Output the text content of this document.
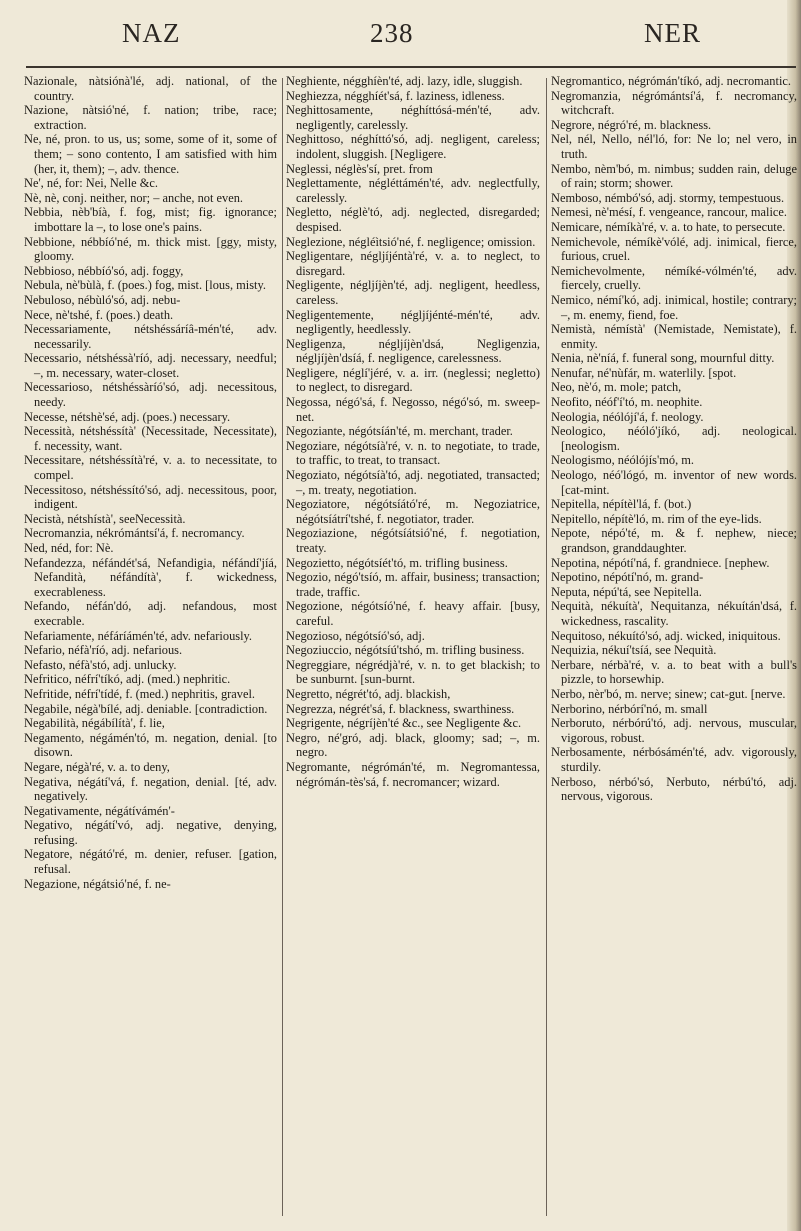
NAZ	238	NER

Nazionale, nàtsiónà'lé, adj. national, of the country.

Nazione, nàtsió'né, f. nation; tribe, race; extraction.

Ne, né, pron. to us, us; some, some of it, some of them; – sono contento, I am satisfied with him (her, it, them); –, adv. thence.

Ne', né, for: Nei, Nelle &c.

Nè, nè, conj. neither, nor; – anche, not even.

Nebbia, nèb'bíà, f. fog, mist; fig. ignorance; imbottare la –, to lose one's pains.

Nebbione, nébbíó'né, m. thick mist. [ggy, misty, gloomy.

Nebbioso, nébbíó'só, adj. foggy,

Nebula, nè'bùlà, f. (poes.) fog, mist. [lous, misty.

Nebuloso, nébùló'só, adj. nebu-

Nece, nè'tshé, f. (poes.) death.

Necessariamente, nétshéssáríâ-mén'té, adv. necessarily.

Necessario, nétshéssà'ríó, adj. necessary, needful; –, m. necessary, water-closet.

Necessarioso, nétshéssàríó'só, adj. necessitous, needy.

Necesse, nétshè'sé, adj. (poes.) necessary.

Necessità, nétshéssítà' (Necessitade, Necessitate), f. necessity, want.

Necessitare, nétshéssítà'ré, v. a. to necessitate, to compel.

Necessitoso, nétshéssító'só, adj. necessitous, poor, indigent.

Necistà, nétshístà', seeNecessità.

Necromanzia, nékrómántsí'á, f. necromancy.

Ned, néd, for: Nè.

Nefandezza, néfándét'sá, Nefandigia, néfándí'jíá, Nefandità, néfándítà', f. wickedness, execrableness.

Nefando, néfán'dó, adj. nefandous, most execrable.

Nefariamente, néfáríámén'té, adv. nefariously.

Nefario, néfà'ríó, adj. nefarious.

Nefasto, néfà'stó, adj. unlucky.

Nefritico, néfrí'tíkó, adj. (med.) nephritic.

Nefritide, néfrí'tídé, f. (med.) nephritis, gravel.

Negabile, négà'bílé, adj. deniable. [contradiction.

Negabilità, négábílítà', f. lie,

Negamento, négámén'tó, m. negation, denial. [to disown.

Negare, négà'ré, v. a. to deny,

Negativa, négátí'vá, f. negation, denial. [té, adv. negatively.

Negativamente, négátívámén'-

Negativo, négátí'vó, adj. negative, denying, refusing.

Negatore, négátó'ré, m. denier, refuser. [gation, refusal.

Negazione, négátsió'né, f. ne-

Neghiente, négghíèn'té, adj. lazy, idle, sluggish.

Neghiezza, négghíét'sá, f. laziness, idleness.

Neghittosamente, néghíttósá-mén'té, adv. negligently, carelessly.

Neghittoso, néghíttó'só, adj. negligent, careless; indolent, sluggish. [Negligere.

Neglessi, néglès'sí, pret. from

Neglettamente, négléttámén'té, adv. neglectfully, carelessly.

Negletto, néglè'tó, adj. neglected, disregarded; despised.

Neglezione, négléìtsió'né, f. negligence; omission.

Negligentare, négljíjéntà'ré, v. a. to neglect, to disregard.

Negligente, négljíjèn'té, adj. negligent, heedless, careless.

Negligentemente, négljíjénté-mén'té, adv. negligently, heedlessly.

Negligenza, négljíjèn'dsá, Negligenzia, négljíjèn'dsíá, f. negligence, carelessness.

Negligere, néglí'jéré, v. a. irr. (neglessi; negletto) to neglect, to disregard.

Negossa, négó'sá, f. Negosso, négó'só, m. sweep-net.

Negoziante, négótsíán'té, m. merchant, trader.

Negoziare, négótsíà'ré, v. n. to negotiate, to trade, to traffic, to treat, to transact.

Negoziato, négótsíà'tó, adj. negotiated, transacted; –, m. treaty, negotiation.

Negoziatore, négótsíátó'ré, m. Negoziatrice, négótsíátrí'tshé, f. negotiator, trader.

Negoziazione, négótsíátsió'né, f. negotiation, treaty.

Negozietto, négótsíét'tó, m. trifling business.

Negozio, négó'tsíó, m. affair, business; transaction; trade, traffic.

Negozione, négótsíó'né, f. heavy affair. [busy, careful.

Negozioso, négótsíó'só, adj.

Negoziuccio, négótsíú'tshó, m. trifling business.

Negreggiare, négrédjà'ré, v. n. to get blackish; to be sunburnt. [sun-burnt.

Negretto, négrét'tó, adj. blackish,

Negrezza, négrét'sá, f. blackness, swarthiness.

Negrigente, négríjèn'té &c., see Negligente &c.

Negro, né'gró, adj. black, gloomy; sad; –, m. negro.

Negromante, négrómán'té, m. Negromantessa, négrómán-tès'sá, f. necromancer; wizard.

Negromantico, négrómán'tíkó, adj. necromantic.

Negromanzia, négrómántsí'á, f. necromancy, witchcraft.

Negrore, négró'ré, m. blackness.

Nel, nél, Nello, nél'ló, for: Ne lo; nel vero, in truth.

Nembo, nèm'bó, m. nimbus; sudden rain, deluge of rain; storm; shower.

Nemboso, némbó'só, adj. stormy, tempestuous.

Nemesi, nè'mésí, f. vengeance, rancour, malice.

Nemicare, némíkà'ré, v. a. to hate, to persecute.

Nemichevole, némíkè'vólé, adj. inimical, fierce, furious, cruel.

Nemichevolmente, némíké-vólmén'té, adv. fiercely, cruelly.

Nemico, némí'kó, adj. inimical, hostile; contrary; –, m. enemy, fiend, foe.

Nemistà, némístà' (Nemistade, Nemistate), f. enmity.

Nenia, nè'níá, f. funeral song, mournful ditty.

Nenufar, né'nùfár, m. waterlily. [spot.

Neo, nè'ó, m. mole; patch,

Neofito, néóf'í'tó, m. neophite.

Neologia, néólójí'á, f. neology.

Neologico, néóló'jíkó, adj. neological. [neologism.

Neologismo, néólójís'mó, m.

Neologo, néó'lógó, m. inventor of new words. [cat-mint.

Nepitella, népítèl'lá, f. (bot.)

Nepitello, népítè'ló, m. rim of the eye-lids.

Nepote, népó'té, m. & f. nephew, niece; grandson, granddaughter.

Nepotina, népótí'ná, f. grandniece. [nephew.

Nepotino, népótí'nó, m. grand-

Neputa, népú'tá, see Nepitella.

Nequità, nékuítà', Nequitanza, nékuítán'dsá, f. wickedness, rascality.

Nequitoso, nékuító'só, adj. wicked, iniquitous.

Nequizia, nékuí'tsíá, see Nequità.

Nerbare, nérbà'ré, v. a. to beat with a bull's pizzle, to horsewhip.

Nerbo, nèr'bó, m. nerve; sinew; cat-gut. [nerve.

Nerborino, nérbórí'nó, m. small

Nerboruto, nérbórú'tó, adj. nervous, muscular, vigorous, robust.

Nerbosamente, nérbósámén'té, adv. vigorously, sturdily.

Nerboso, nérbó'só, Nerbuto, nérbú'tó, adj. nervous, vigorous.
